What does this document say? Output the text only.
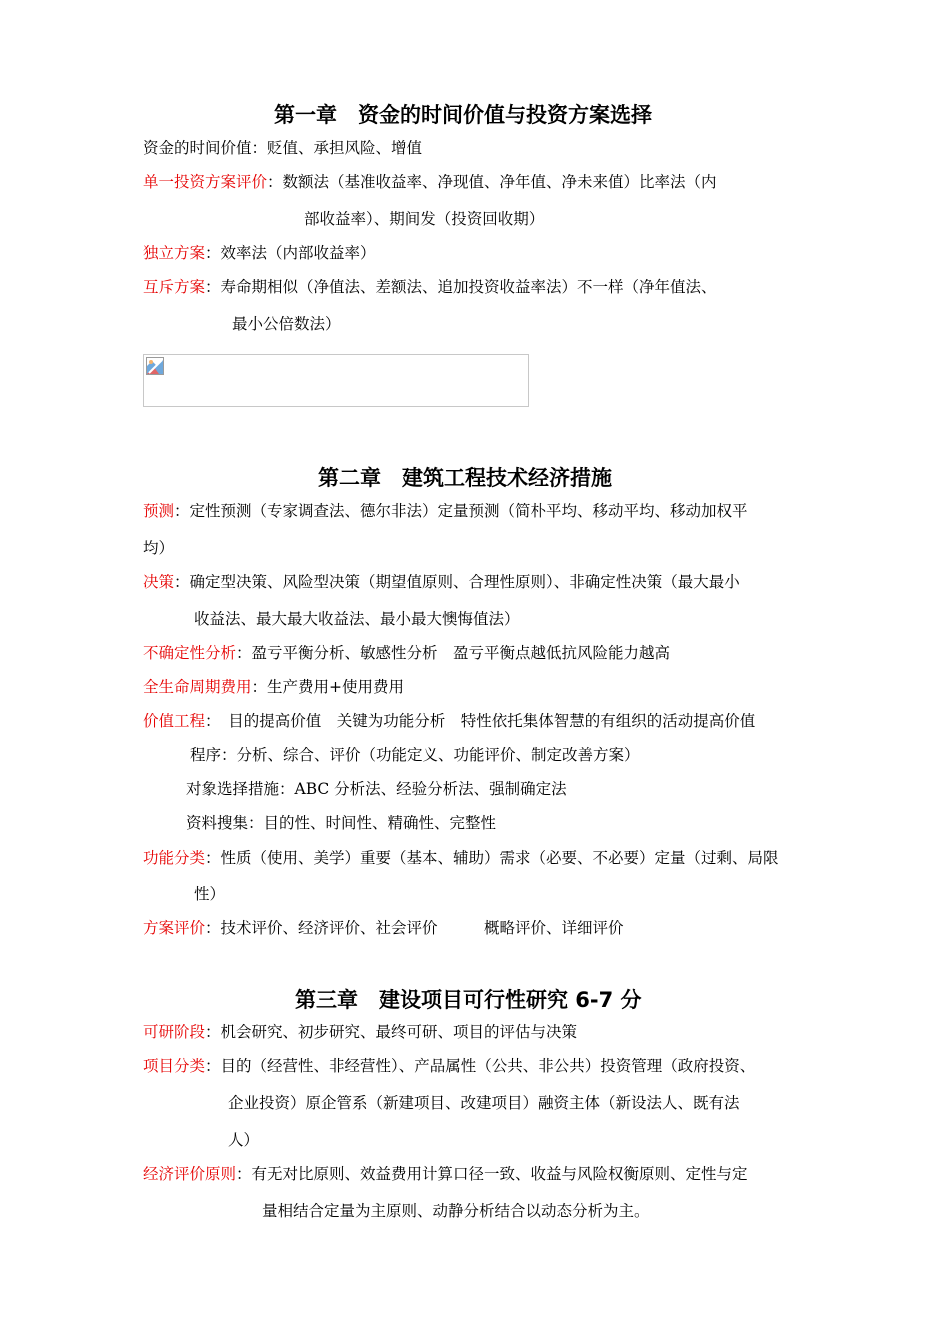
第一章　资金的时间价值与投资方案选择
资金的时间价值：贬值、承担风险、增值
单一投资方案评价：数额法（基准收益率、净现值、净年值、净未来值）比率法（内
部收益率）、期间发（投资回收期）
独立方案：效率法（内部收益率）
互斥方案：寿命期相似（净值法、差额法、追加投资收益率法）不一样（净年值法、
最小公倍数法）
第二章　建筑工程技术经济措施
预测：定性预测（专家调查法、德尔非法）定量预测（简朴平均、移动平均、移动加权平
均）
决策：确定型决策、风险型决策（期望值原则、合理性原则）、非确定性决策（最大最小
收益法、最大最大收益法、最小最大懊悔值法）
不确定性分析：盈亏平衡分析、敏感性分析　盈亏平衡点越低抗风险能力越高
全生命周期费用：生产费用+使用费用
价值工程：　目的提高价值　关键为功能分析　特性依托集体智慧的有组织的活动提高价值
程序：分析、综合、评价（功能定义、功能评价、制定改善方案）
对象选择措施：ABC 分析法、经验分析法、强制确定法
资料搜集：目的性、时间性、精确性、完整性
功能分类：性质（使用、美学）重要（基本、辅助）需求（必要、不必要）定量（过剩、局限
性）
方案评价：技术评价、经济评价、社会评价　　　概略评价、详细评价
第三章　建设项目可行性研究 6-7 分
可研阶段：机会研究、初步研究、最终可研、项目的评估与决策
项目分类：目的（经营性、非经营性）、产品属性（公共、非公共）投资管理（政府投资、
企业投资）原企管系（新建项目、改建项目）融资主体（新设法人、既有法
人）
经济评价原则：有无对比原则、效益费用计算口径一致、收益与风险权衡原则、定性与定
量相结合定量为主原则、动静分析结合以动态分析为主。
